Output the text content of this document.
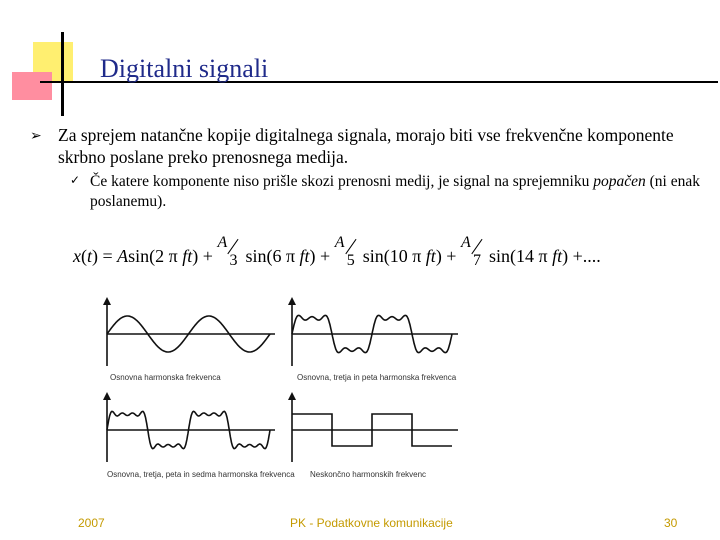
Digitalni signali
➢ Za sprejem natančne kopije digitalnega signala, morajo biti vse frekvenčne komponente skrbno poslane preko prenosnega medija.
✓ Če katere komponente niso prišle skozi prenosni medij, je signal na sprejemniku popačen (ni enak poslanemu).
x(t) = Asin(2 π ft) +
A
3 sin(6 π ft) +
A
5 sin(10 π ft) +
A
7 sin(14 π ft) +....
Osnovna harmonska frekvenca	Osnovna, tretja in peta harmonska frekvenca
Osnovna, tretja, peta in sedma harmonska frekvenca Neskončno harmonskih frekvenc
2007	PK - Podatkovne komunikacije	30
